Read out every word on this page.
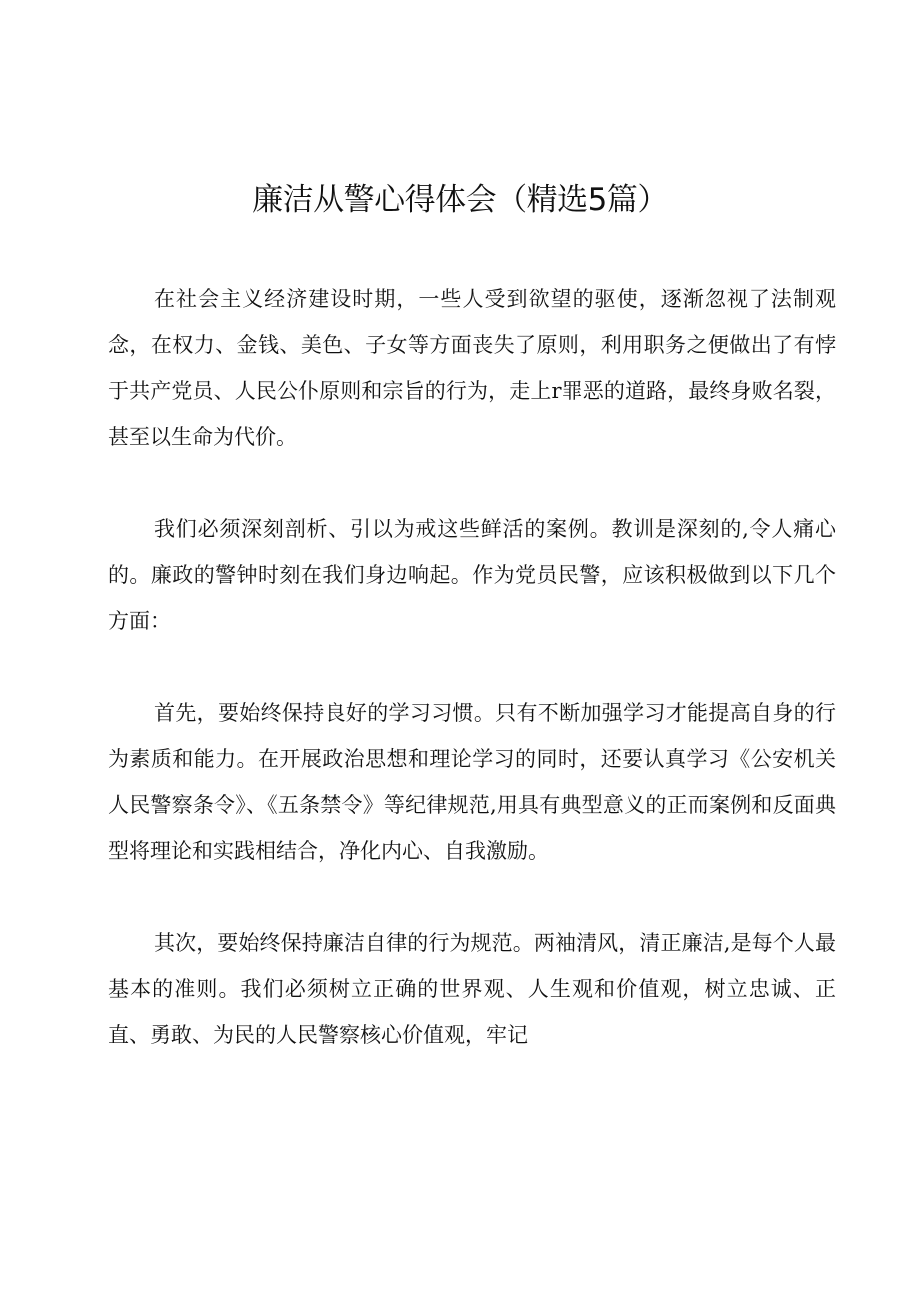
廉洁从警心得体会（精选5篇）

在社会主义经济建设时期，一些人受到欲望的驱使，逐渐忽视了法制观念，在权力、金钱、美色、子女等方面丧失了原则，利用职务之便做出了有悖于共产党员、人民公仆原则和宗旨的行为，走上r罪恶的道路，最终身败名裂，甚至以生命为代价。

我们必须深刻剖析、引以为戒这些鲜活的案例。教训是深刻的,令人痛心的。廉政的警钟时刻在我们身边响起。作为党员民警，应该积极做到以下几个方面：

首先，要始终保持良好的学习习惯。只有不断加强学习才能提高自身的行为素质和能力。在开展政治思想和理论学习的同时，还要认真学习《公安机关人民警察条令》、《五条禁令》等纪律规范,用具有典型意义的正而案例和反面典型将理论和实践相结合，净化内心、自我激励。

其次，要始终保持廉洁自律的行为规范。两袖清风，清正廉洁,是每个人最基本的准则。我们必须树立正确的世界观、人生观和价值观，树立忠诚、正直、勇敢、为民的人民警察核心价值观，牢记
